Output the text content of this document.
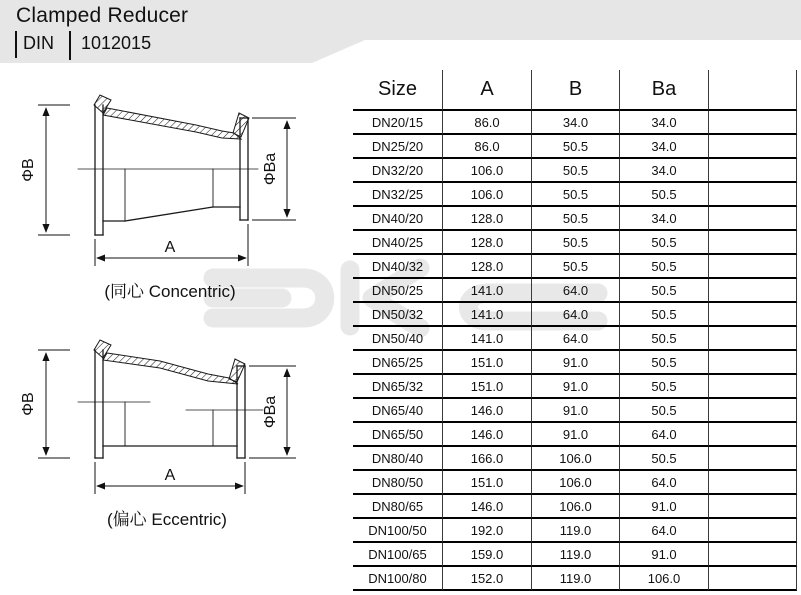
ΦB	ΦBa
A
(同心 Concentric)
ΦB	ΦBa
A
(偏心 Eccentric)
Clamped Reducer
DIN 1012015
Size	A	B	Ba
DN20/15	86.0	34.0	34.0
DN25/20	86.0	50.5	34.0
DN32/20	106.0	50.5	34.0
DN32/25	106.0	50.5	50.5
DN40/20	128.0	50.5	34.0
DN40/25	128.0	50.5	50.5
DN40/32	128.0	50.5	50.5
DN50/25	141.0	64.0	50.5
DN50/32	141.0	64.0	50.5
DN50/40	141.0	64.0	50.5
DN65/25	151.0	91.0	50.5
DN65/32	151.0	91.0	50.5
DN65/40	146.0	91.0	50.5
DN65/50	146.0	91.0	64.0
DN80/40	166.0	106.0	50.5
DN80/50	151.0	106.0	64.0
DN80/65	146.0	106.0	91.0
DN100/50	192.0	119.0	64.0
DN100/65	159.0	119.0	91.0
DN100/80	152.0	119.0	106.0
